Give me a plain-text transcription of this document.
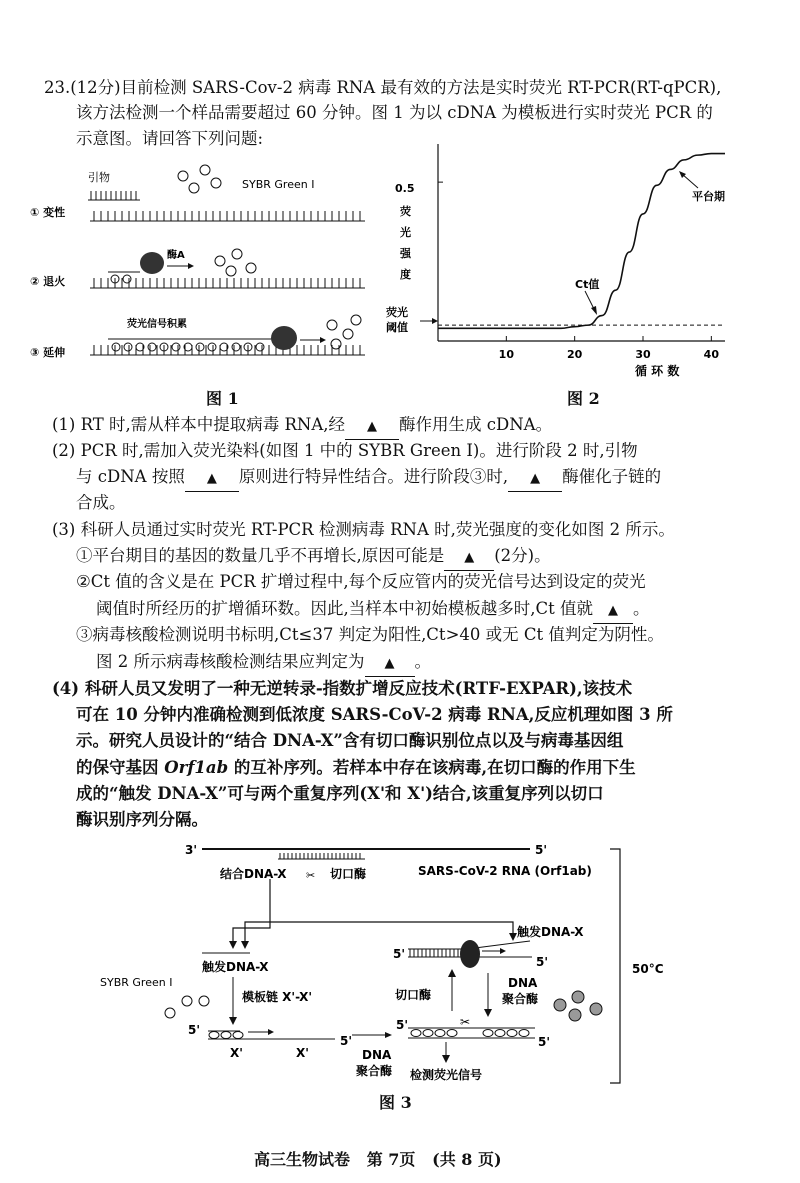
23.(12分)目前检测 SARS-Cov-2 病毒 RNA 最有效的方法是实时荧光 RT-PCR(RT-qPCR),
该方法检测一个样品需要超过 60 分钟。图 1 为以 cDNA 为模板进行实时荧光 PCR 的
示意图。请回答下列问题:
引物
SYBR Green I
① 变性
② 退火
酶A
荧光信号积累
③ 延伸
图 1
0.5
荧
光
强
度
荧光
阈值
10	20	30	40
循 环 数
Ct值
平台期
图 2
(1) RT 时,需从样本中提取病毒 RNA,经 ▲ 酶作用生成 cDNA。
(2) PCR 时,需加入荧光染料(如图 1 中的 SYBR Green I)。进行阶段 2 时,引物
与 cDNA 按照 ▲ 原则进行特异性结合。进行阶段③时, ▲ 酶催化子链的
合成。
(3) 科研人员通过实时荧光 RT-PCR 检测病毒 RNA 时,荧光强度的变化如图 2 所示。
①平台期目的基因的数量几乎不再增长,原因可能是 ▲ (2分)。
②Ct 值的含义是在 PCR 扩增过程中,每个反应管内的荧光信号达到设定的荧光
阈值时所经历的扩增循环数。因此,当样本中初始模板越多时,Ct 值就 ▲ 。
③病毒核酸检测说明书标明,Ct≤37 判定为阳性,Ct>40 或无 Ct 值判定为阴性。
图 2 所示病毒核酸检测结果应判定为 ▲ 。
(4) 科研人员又发明了一种无逆转录-指数扩增反应技术(RTF-EXPAR),该技术
可在 10 分钟内准确检测到低浓度 SARS-CoV-2 病毒 RNA,反应机理如图 3 所
示。研究人员设计的“结合 DNA-X”含有切口酶识别位点以及与病毒基因组
的保守基因 Orf1ab 的互补序列。若样本中存在该病毒,在切口酶的作用下生
成的“触发 DNA-X”可与两个重复序列(X'和 X')结合,该重复序列以切口
酶识别序列分隔。
3'	5'
SARS-CoV-2 RNA (Orf1ab)
结合DNA-X ✂ 切口酶
触发DNA-X
5'
5'
切口酶
DNA
聚合酶
5'	✂
5'
检测荧光信号
触发DNA-X
SYBR Green I
模板链 X'-X'
5'
5'
X'	X'	DNA
聚合酶
50°C
图 3
高三生物试卷   第 7页   (共 8 页)
